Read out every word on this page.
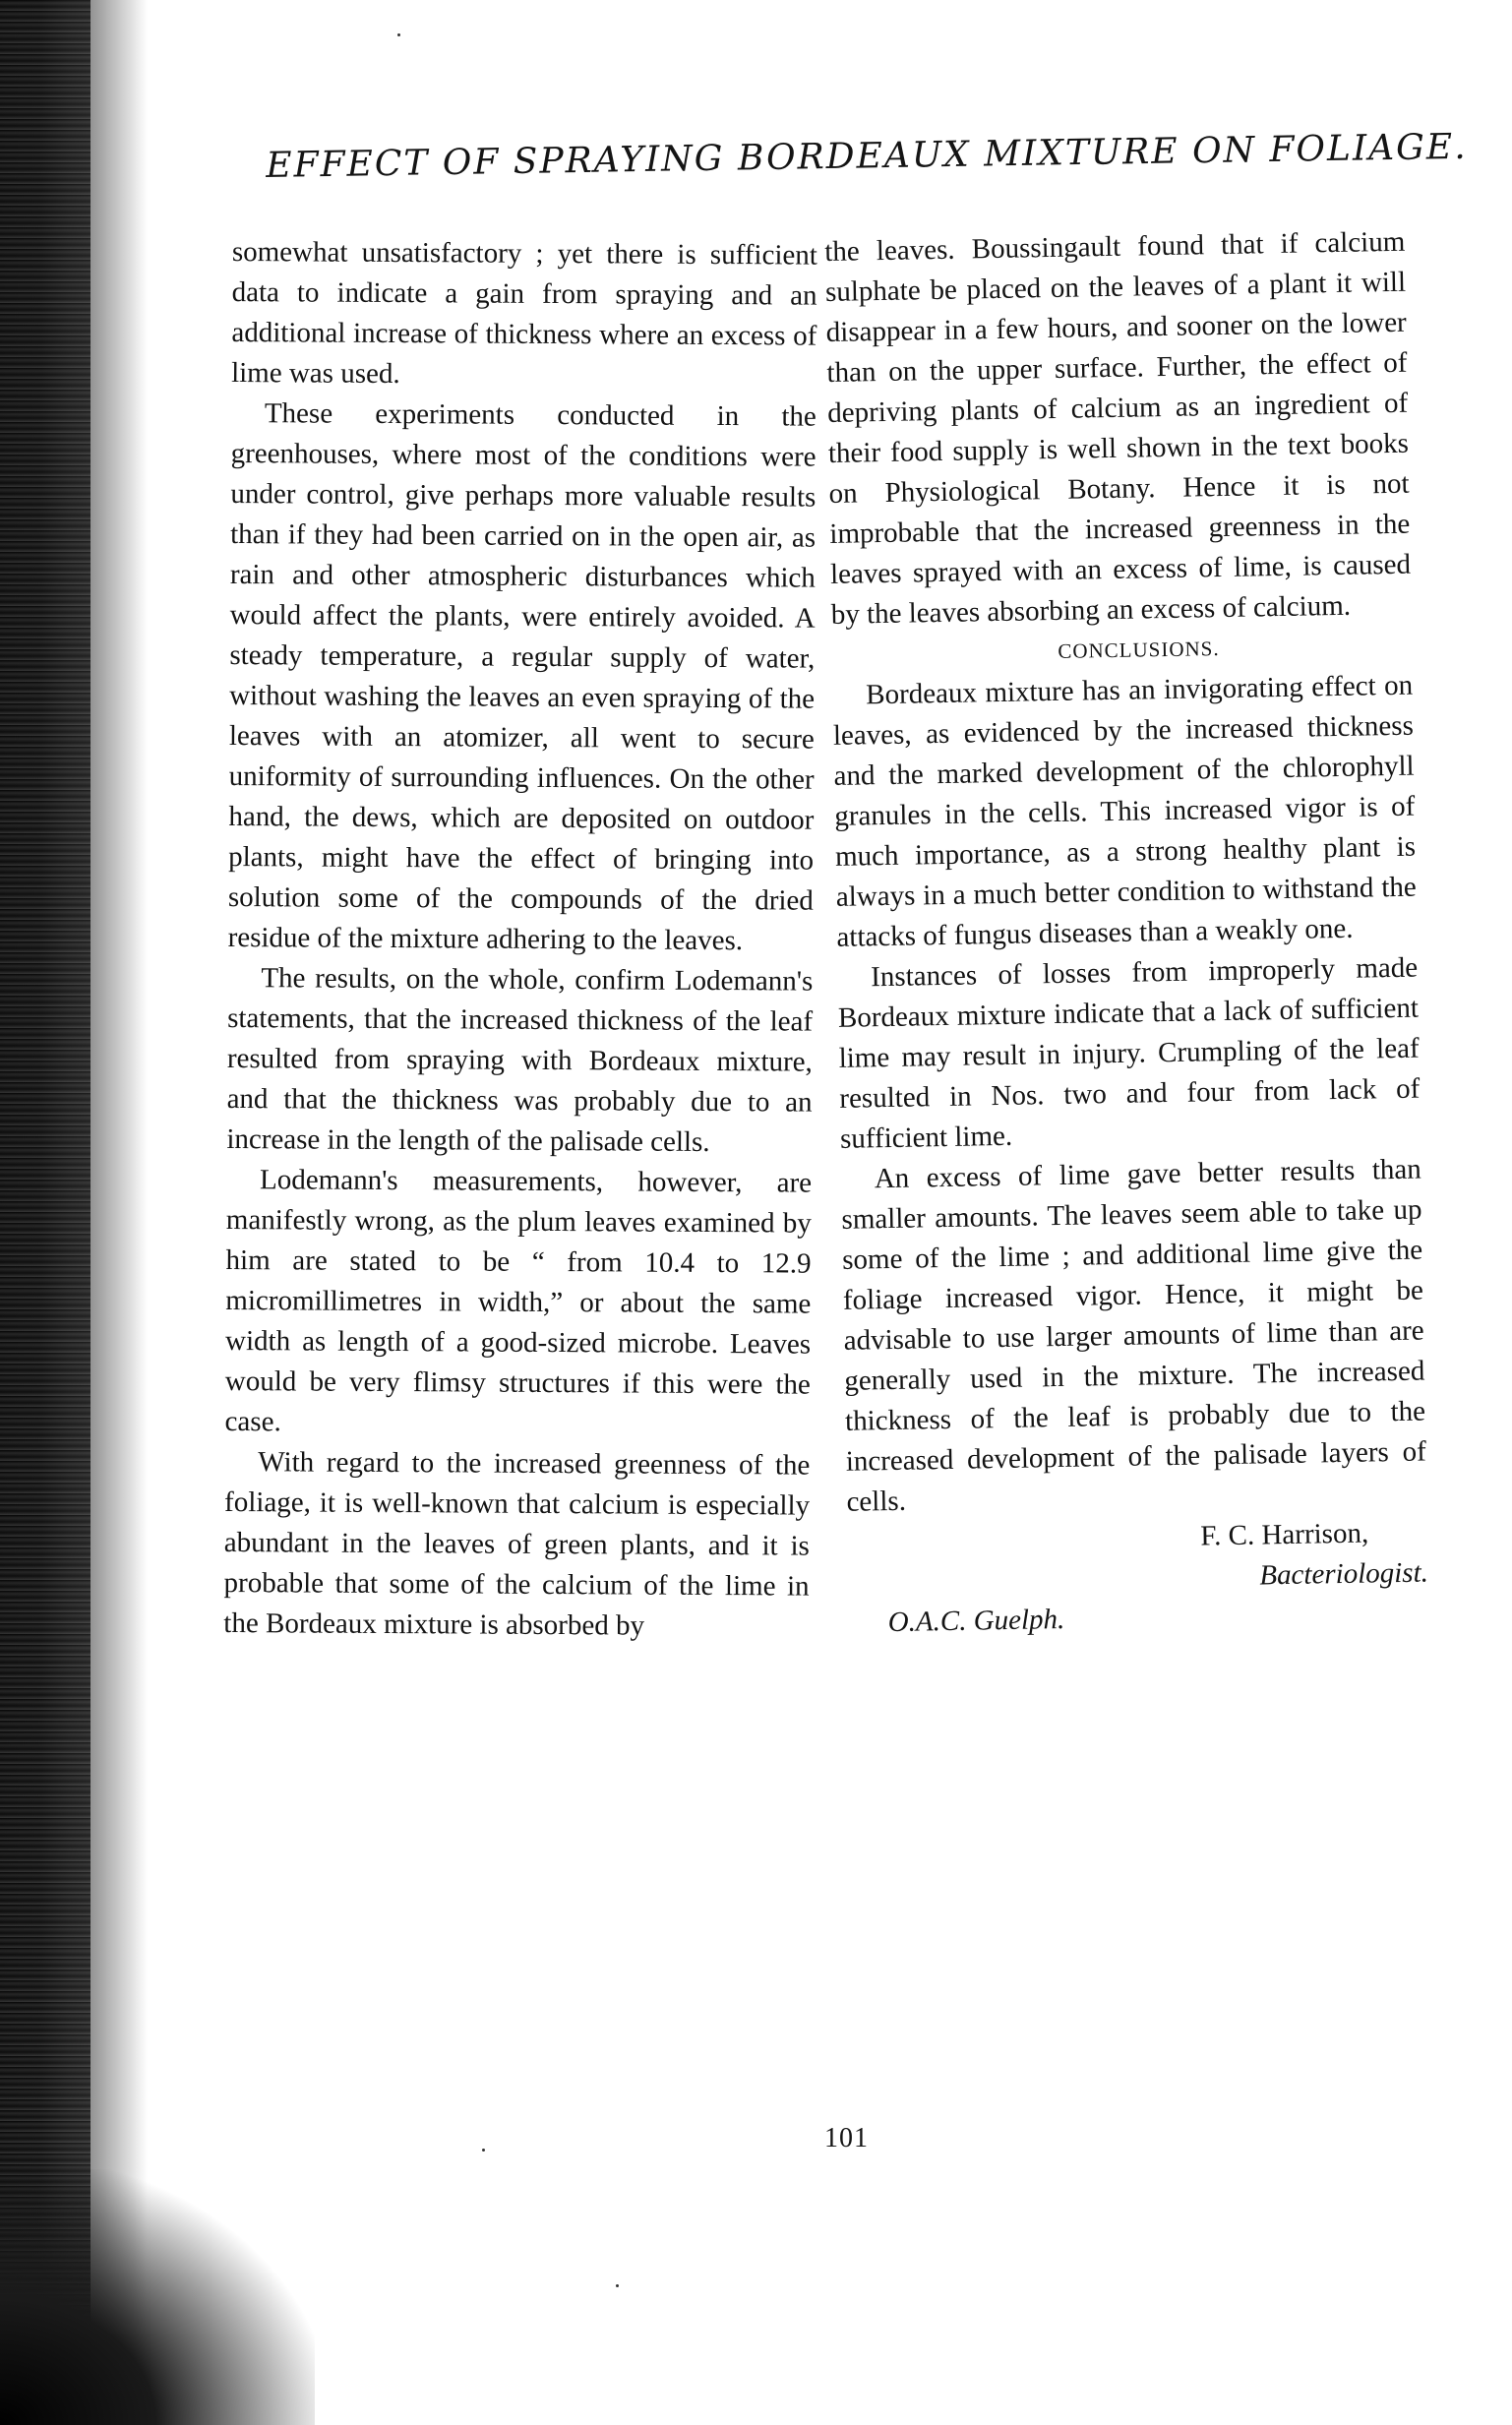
EFFECT OF SPRAYING BORDEAUX MIXTURE ON FOLIAGE.

somewhat unsatisfactory ; yet there is sufficient data to indicate a gain from spraying and an additional increase of thickness where an excess of lime was used.

These experiments conducted in the greenhouses, where most of the conditions were under control, give perhaps more valuable results than if they had been carried on in the open air, as rain and other atmospheric disturbances which would affect the plants, were entirely avoided. A steady temperature, a regular supply of water, without washing the leaves an even spraying of the leaves with an atomizer, all went to secure uniformity of surrounding influences. On the other hand, the dews, which are deposited on outdoor plants, might have the effect of bringing into solution some of the compounds of the dried residue of the mixture adhering to the leaves.

The results, on the whole, confirm Lodemann's statements, that the increased thickness of the leaf resulted from spraying with Bordeaux mixture, and that the thickness was probably due to an increase in the length of the palisade cells.

Lodemann's measurements, however, are manifestly wrong, as the plum leaves examined by him are stated to be “ from 10.4 to 12.9 micromillimetres in width,” or about the same width as length of a good-sized microbe. Leaves would be very flimsy structures if this were the case.

With regard to the increased greenness of the foliage, it is well-known that calcium is especially abundant in the leaves of green plants, and it is probable that some of the calcium of the lime in the Bordeaux mixture is absorbed by

the leaves. Boussingault found that if calcium sulphate be placed on the leaves of a plant it will disappear in a few hours, and sooner on the lower than on the upper surface. Further, the effect of depriving plants of calcium as an ingredient of their food supply is well shown in the text books on Physiological Botany. Hence it is not improbable that the increased greenness in the leaves sprayed with an excess of lime, is caused by the leaves absorbing an excess of calcium.

CONCLUSIONS.

Bordeaux mixture has an invigorating effect on leaves, as evidenced by the increased thickness and the marked development of the chlorophyll granules in the cells. This increased vigor is of much importance, as a strong healthy plant is always in a much better condition to withstand the attacks of fungus diseases than a weakly one.

Instances of losses from improperly made Bordeaux mixture indicate that a lack of sufficient lime may result in injury. Crumpling of the leaf resulted in Nos. two and four from lack of sufficient lime.

An excess of lime gave better results than smaller amounts. The leaves seem able to take up some of the lime ; and additional lime give the foliage increased vigor. Hence, it might be advisable to use larger amounts of lime than are generally used in the mixture. The increased thickness of the leaf is probably due to the increased development of the palisade layers of cells.

F. C. Harrison,

Bacteriologist.

O.A.C. Guelph.

101
